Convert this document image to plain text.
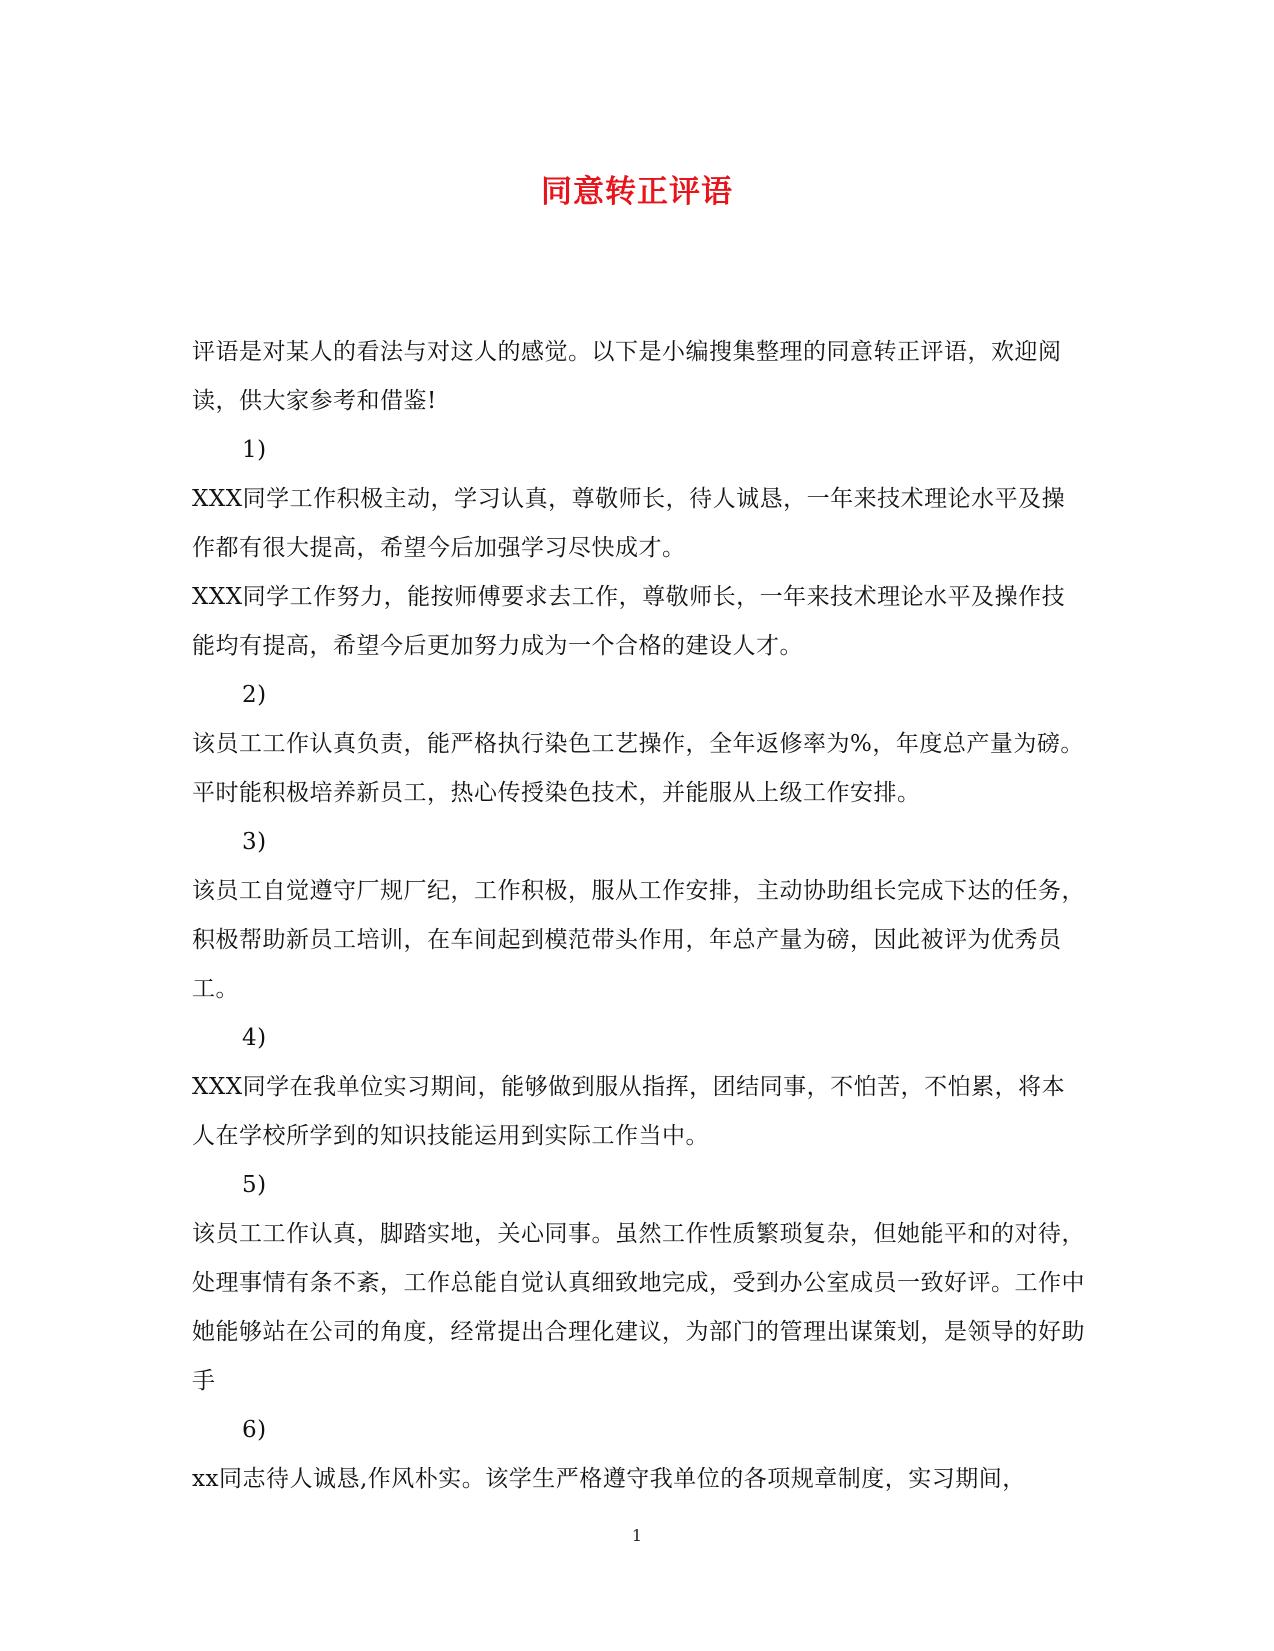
同意转正评语

评语是对某人的看法与对这人的感觉。以下是小编搜集整理的同意转正评语，欢迎阅读，供大家参考和借鉴!

1)

XXX同学工作积极主动，学习认真，尊敬师长，待人诚恳，一年来技术理论水平及操作都有很大提高，希望今后加强学习尽快成才。

XXX同学工作努力，能按师傅要求去工作，尊敬师长，一年来技术理论水平及操作技能均有提高，希望今后更加努力成为一个合格的建设人才。

2)

该员工工作认真负责，能严格执行染色工艺操作，全年返修率为%，年度总产量为磅。平时能积极培养新员工，热心传授染色技术，并能服从上级工作安排。

3)

该员工自觉遵守厂规厂纪，工作积极，服从工作安排，主动协助组长完成下达的任务，积极帮助新员工培训，在车间起到模范带头作用，年总产量为磅，因此被评为优秀员工。

4)

XXX同学在我单位实习期间，能够做到服从指挥，团结同事，不怕苦，不怕累，将本人在学校所学到的知识技能运用到实际工作当中。

5)

该员工工作认真，脚踏实地，关心同事。虽然工作性质繁琐复杂，但她能平和的对待，处理事情有条不紊，工作总能自觉认真细致地完成，受到办公室成员一致好评。工作中她能够站在公司的角度，经常提出合理化建议，为部门的管理出谋策划，是领导的好助手

6)

xx同志待人诚恳,作风朴实。该学生严格遵守我单位的各项规章制度，实习期间，

1
